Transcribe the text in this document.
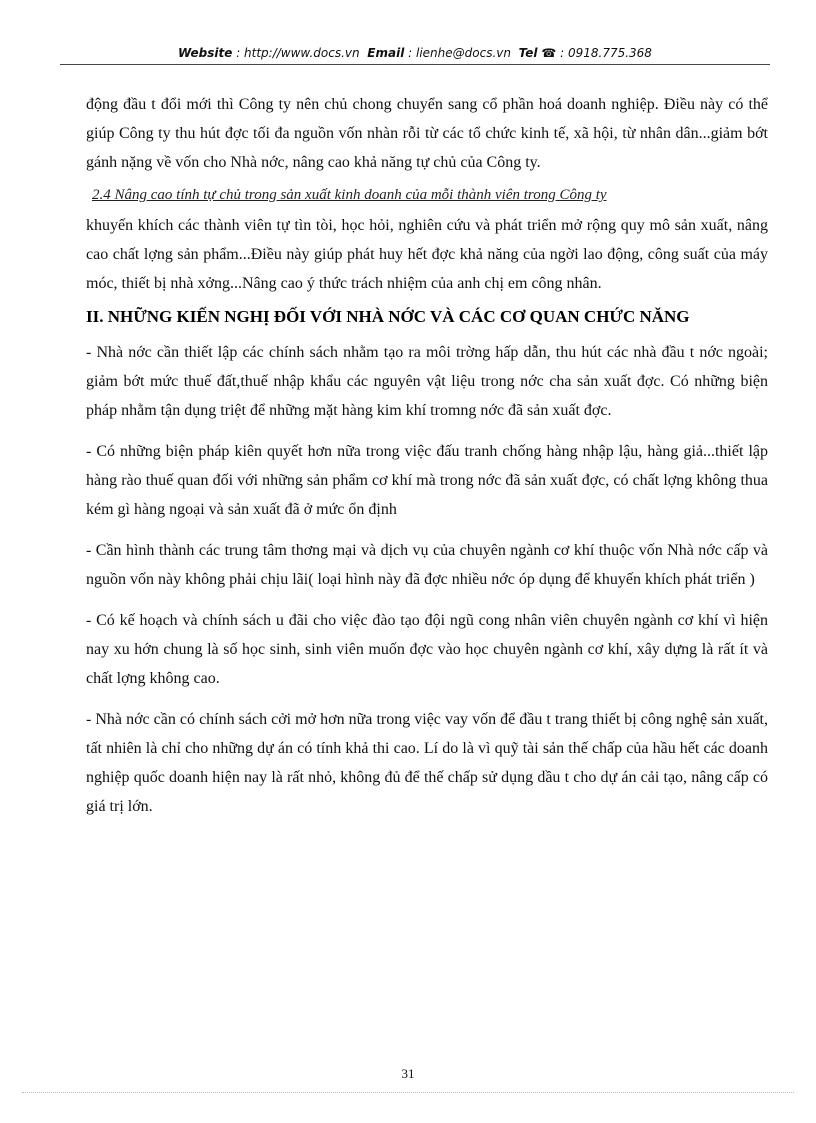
Website : http://www.docs.vn Email : lienhe@docs.vn Tel ☎ : 0918.775.368

động đầu t đổi mới thì Công ty nên chủ chong chuyển sang cổ phần hoá doanh nghiệp. Điều này có thể giúp Công ty thu hút đợc tối đa nguồn vốn nhàn rỗi từ các tổ chức kinh tế, xã hội, từ nhân dân...giảm bớt gánh nặng về vốn cho Nhà nớc, nâng cao khả năng tự chủ của Công ty.

2.4 Nâng cao tính tự chủ trong sản xuất kinh doanh của mỗi thành viên trong Công ty

khuyến khích các thành viên tự tìn tòi, học hỏi, nghiên cứu và phát triển mở rộng quy mô sản xuất, nâng cao chất lợng sản phẩm...Điều này giúp phát huy hết đợc khả năng của ngời lao động, công suất của máy móc, thiết bị nhà xởng...Nâng cao ý thức trách nhiệm của anh chị em công nhân.

II. NHỮNG KIẾN NGHỊ ĐỐI VỚI NHÀ NỚC VÀ CÁC CƠ QUAN CHỨC NĂNG

- Nhà nớc cần thiết lập các chính sách nhằm tạo ra môi trờng hấp dẫn, thu hút các nhà đầu t nớc ngoài; giảm bớt mức thuế đất,thuế nhập khẩu các nguyên vật liệu trong nớc cha sản xuất đợc. Có những biện pháp nhằm tận dụng triệt để những mặt hàng kim khí tromng nớc đã sản xuất đợc.

- Có những biện pháp kiên quyết hơn nữa trong việc đấu tranh chống hàng nhập lậu, hàng giả...thiết lập hàng rào thuế quan đối với những sản phẩm cơ khí mà trong nớc đã sản xuất đợc, có chất lợng không thua kém gì hàng ngoại và sản xuất đã ở mức ổn định

- Cần hình thành các trung tâm thơng mại và dịch vụ của chuyên ngành cơ khí thuộc vốn Nhà nớc cấp và nguồn vốn này không phải chịu lãi( loại hình này đã đợc nhiều nớc óp dụng để khuyến khích phát triển )

- Có kế hoạch và chính sách u đãi cho việc đào tạo đội ngũ cong nhân viên chuyên ngành cơ khí vì hiện nay xu hớn chung là số học sinh, sinh viên muốn đợc vào học chuyên ngành cơ khí, xây dựng là rất ít và chất lợng không cao.

- Nhà nớc cần có chính sách cởi mở hơn nữa trong việc vay vốn để đầu t trang thiết bị công nghệ sản xuất, tất nhiên là chỉ cho những dự án có tính khả thi cao. Lí do là vì quỹ tài sản thế chấp của hầu hết các doanh nghiệp quốc doanh hiện nay là rất nhỏ, không đủ để thế chấp sử dụng dầu t cho dự án cải tạo, nâng cấp có giá trị lớn.

31
